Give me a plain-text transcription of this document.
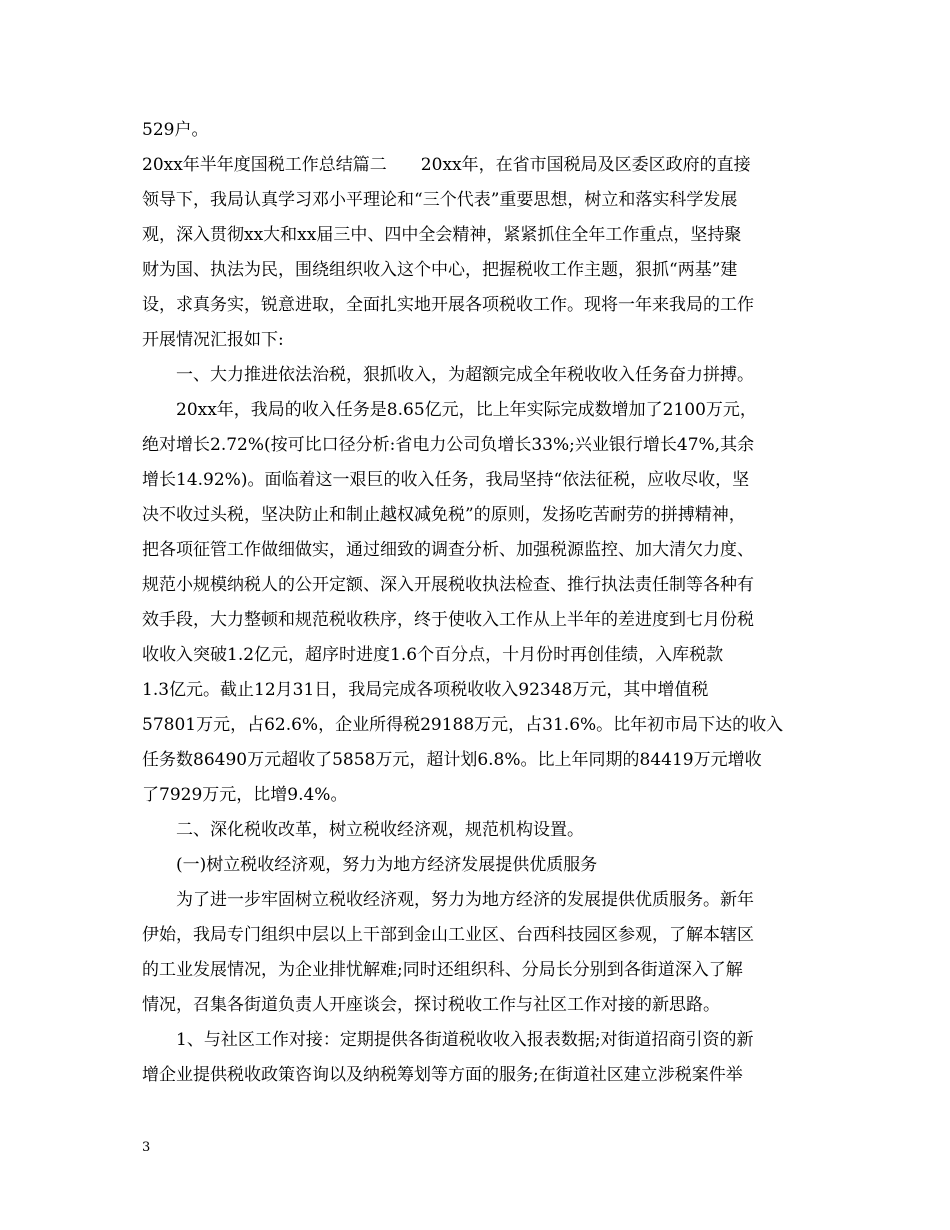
529户。
20xx年半年度国税工作总结篇二　　20xx年，在省市国税局及区委区政府的直接
领导下，我局认真学习邓小平理论和“三个代表”重要思想，树立和落实科学发展
观，深入贯彻xx大和xx届三中、四中全会精神，紧紧抓住全年工作重点，坚持聚
财为国、执法为民，围绕组织收入这个中心，把握税收工作主题，狠抓“两基”建
设，求真务实，锐意进取，全面扎实地开展各项税收工作。现将一年来我局的工作
开展情况汇报如下:
一、大力推进依法治税，狠抓收入，为超额完成全年税收收入任务奋力拼搏。
20xx年，我局的收入任务是8.65亿元，比上年实际完成数增加了2100万元，
绝对增长2.72%(按可比口径分析:省电力公司负增长33%;兴业银行增长47%,其余
增长14.92%)。面临着这一艰巨的收入任务，我局坚持“依法征税，应收尽收，坚
决不收过头税，坚决防止和制止越权减免税”的原则，发扬吃苦耐劳的拼搏精神，
把各项征管工作做细做实，通过细致的调查分析、加强税源监控、加大清欠力度、
规范小规模纳税人的公开定额、深入开展税收执法检查、推行执法责任制等各种有
效手段，大力整顿和规范税收秩序，终于使收入工作从上半年的差进度到七月份税
收收入突破1.2亿元，超序时进度1.6个百分点，十月份时再创佳绩，入库税款
1.3亿元。截止12月31日，我局完成各项税收收入92348万元，其中增值税
57801万元，占62.6%，企业所得税29188万元，占31.6%。比年初市局下达的收入
任务数86490万元超收了5858万元，超计划6.8%。比上年同期的84419万元增收
了7929万元，比增9.4%。
二、深化税收改革，树立税收经济观，规范机构设置。
(一)树立税收经济观，努力为地方经济发展提供优质服务
为了进一步牢固树立税收经济观，努力为地方经济的发展提供优质服务。新年
伊始，我局专门组织中层以上干部到金山工业区、台西科技园区参观，了解本辖区
的工业发展情况，为企业排忧解难;同时还组织科、分局长分别到各街道深入了解
情况，召集各街道负责人开座谈会，探讨税收工作与社区工作对接的新思路。
1、与社区工作对接：定期提供各街道税收收入报表数据;对街道招商引资的新
增企业提供税收政策咨询以及纳税筹划等方面的服务;在街道社区建立涉税案件举
3
